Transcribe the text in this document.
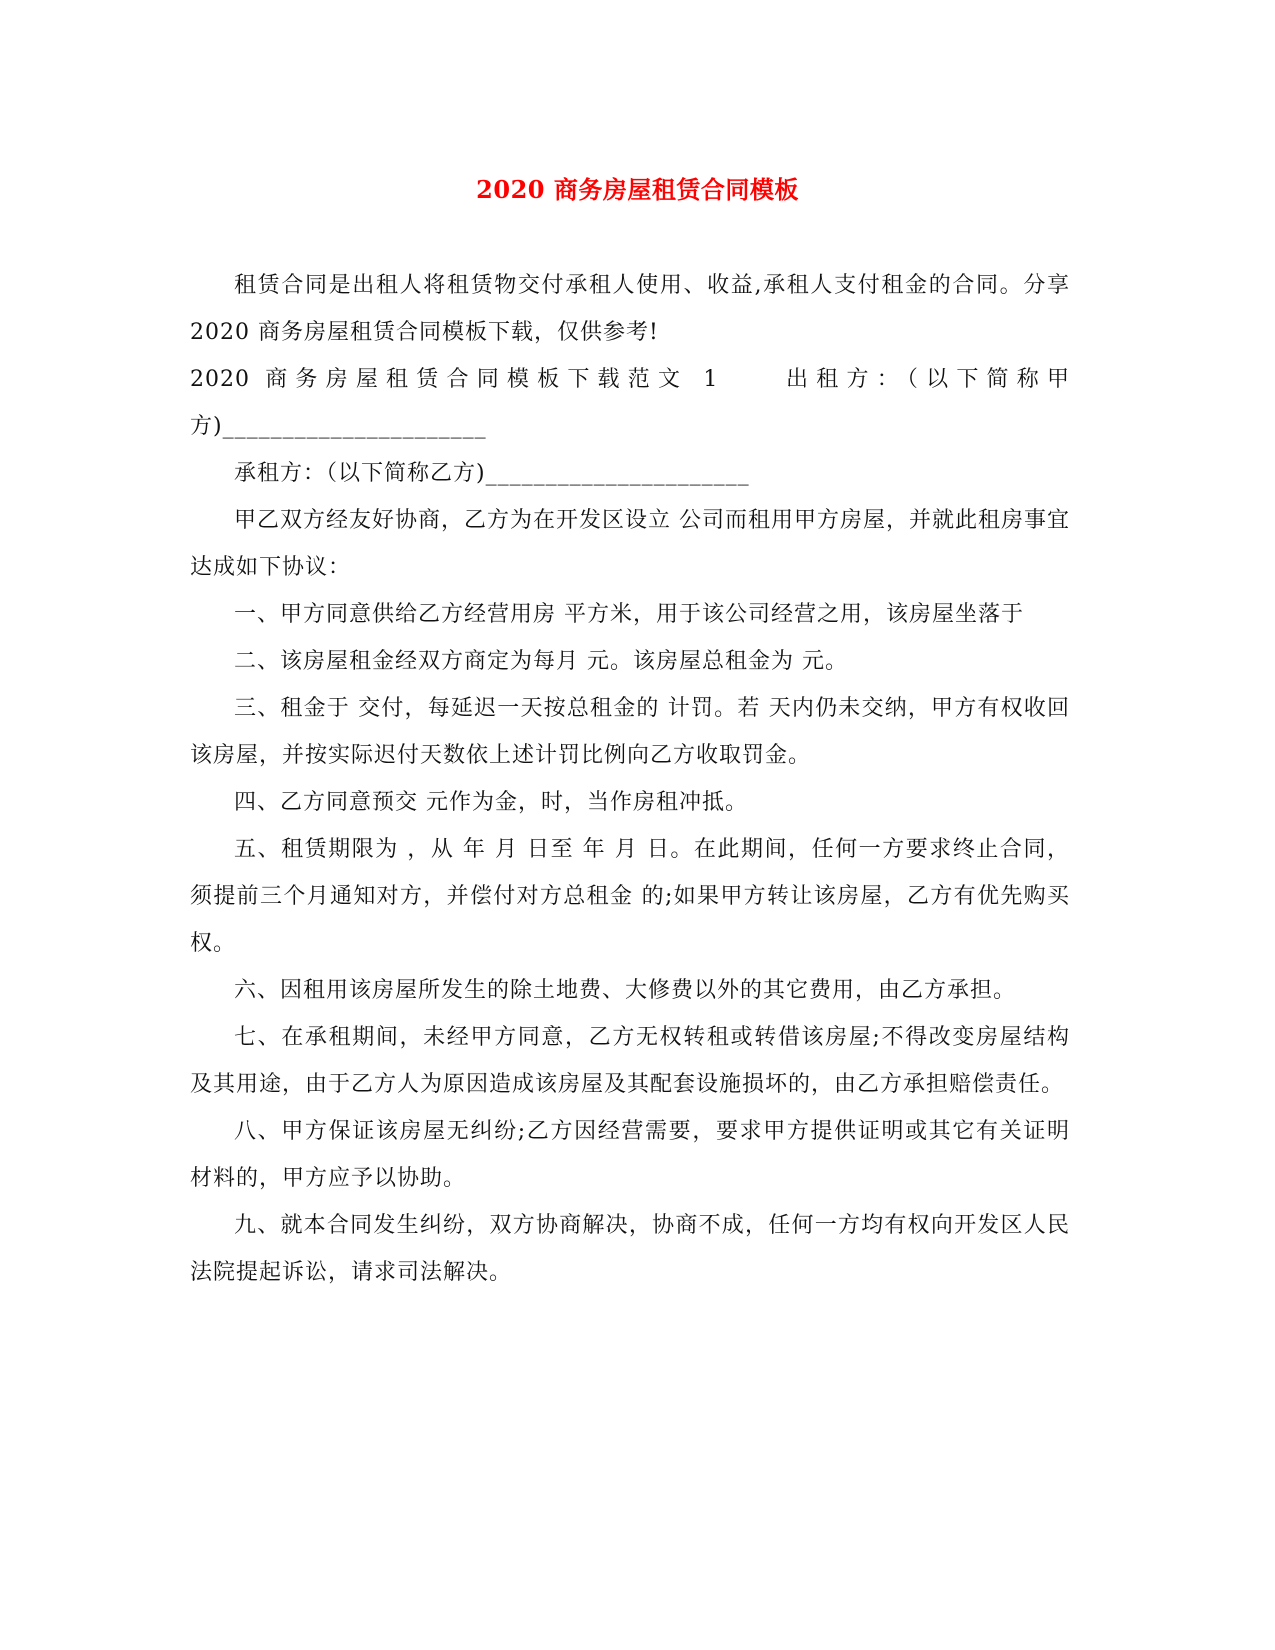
2020 商务房屋租赁合同模板

租赁合同是出租人将租赁物交付承租人使用、收益,承租人支付租金的合同。分享 2020 商务房屋租赁合同模板下载，仅供参考!

2020 商务房屋租赁合同模板下载范文 1　　出租方：（以下简称甲方)______________________

承租方：（以下简称乙方)______________________

甲乙双方经友好协商，乙方为在开发区设立 公司而租用甲方房屋，并就此租房事宜达成如下协议：

一、甲方同意供给乙方经营用房 平方米，用于该公司经营之用，该房屋坐落于

二、该房屋租金经双方商定为每月 元。该房屋总租金为 元。

三、租金于 交付，每延迟一天按总租金的 计罚。若 天内仍未交纳，甲方有权收回该房屋，并按实际迟付天数依上述计罚比例向乙方收取罚金。

四、乙方同意预交 元作为金，时，当作房租冲抵。

五、租赁期限为 ，从 年 月 日至 年 月 日。在此期间，任何一方要求终止合同，须提前三个月通知对方，并偿付对方总租金 的;如果甲方转让该房屋，乙方有优先购买权。

六、因租用该房屋所发生的除土地费、大修费以外的其它费用，由乙方承担。

七、在承租期间，未经甲方同意，乙方无权转租或转借该房屋;不得改变房屋结构及其用途，由于乙方人为原因造成该房屋及其配套设施损坏的，由乙方承担赔偿责任。

八、甲方保证该房屋无纠纷;乙方因经营需要，要求甲方提供证明或其它有关证明材料的，甲方应予以协助。

九、就本合同发生纠纷，双方协商解决，协商不成，任何一方均有权向开发区人民法院提起诉讼，请求司法解决。
